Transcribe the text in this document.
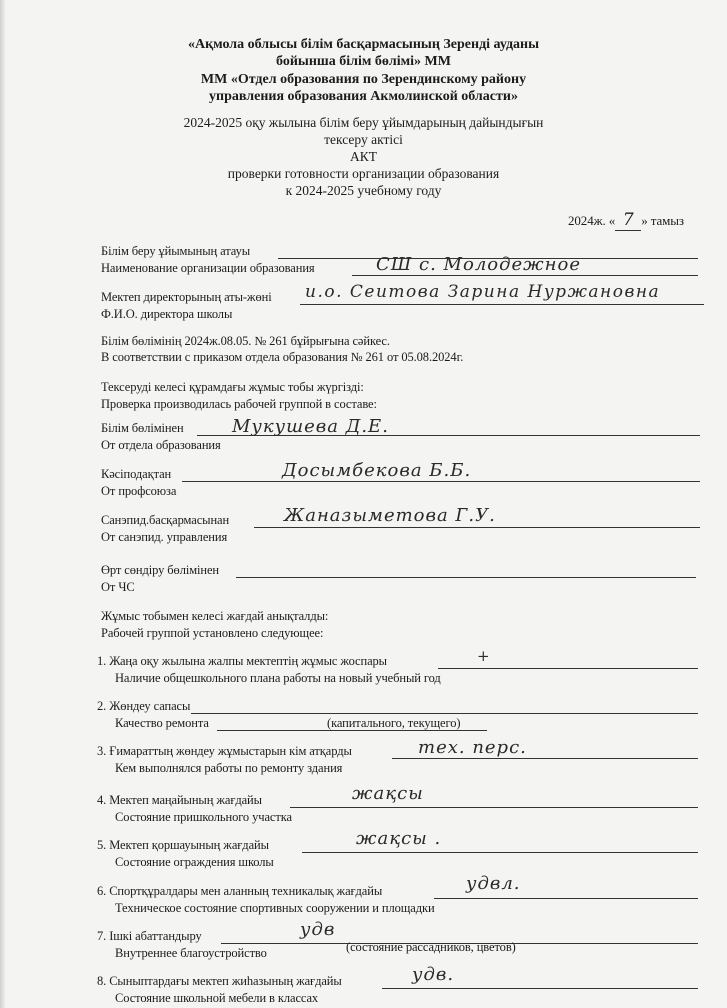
«Ақмола облысы білім басқармасының Зеренді ауданы
бойынша білім бөлімі» ММ
ММ «Отдел образования по Зерендинскому району
управления образования Акмолинской области»
2024-2025 оқу жылына білім беру ұйымдарының дайындығын
тексеру актісі
АКТ
проверки готовности организации образования
к 2024-2025 учебному году
2024ж. « 7 » тамыз
Білім беру ұйымының атауы
Наименование организации образования	СШ с. Молодежное
Мектеп директорының аты-жөні и.о. Сеитова Зарина Нуржановна
Ф.И.О. директора школы
Білім бөлімінің 2024ж.08.05. № 261 бұйрығына сәйкес.
В соответствии с приказом отдела образования № 261 от 05.08.2024г.
Тексеруді келесі құрамдағы жұмыс тобы жүргізді:
Проверка производилась рабочей группой в составе:
Білім бөлімінен	Мукушева Д.Е.
От отдела образования
Кәсіподақтан	Досымбекова Б.Б.
От профсоюза
Санэпид.басқармасынан	Жаназыметова Г.У.
От санэпид. управления
Өрт сөндіру бөлімінен
От ЧС
Жұмыс тобымен келесі жағдай анықталды:
Рабочей группой установлено следующее:
1. Жаңа оқу жылына жалпы мектептің жұмыс жоспары	+
Наличие общешкольного плана работы на новый учебный год
2. Жөндеу сапасы
Качество ремонта	(капитального, текущего)
3. Ғимараттың жөндеу жұмыстарын кім атқарды	тех. перс.
Кем выполнялся работы по ремонту здания
4. Мектеп маңайының жағдайы	жақсы
Состояние пришкольного участка
5. Мектеп қоршауының жағдайы	жақсы .
Состояние ограждения школы
6. Спортқұралдары мен аланның техникалық жағдайы	удвл.
Техническое состояние спортивных сооружении и площадки
7. Ішкі абаттандыру	удв
Внутреннее благоустройство	(состояние рассадников, цветов)
8. Сыныптардағы мектеп жиһазының жағдайы	удв.
Состояние школьной мебели в классах
